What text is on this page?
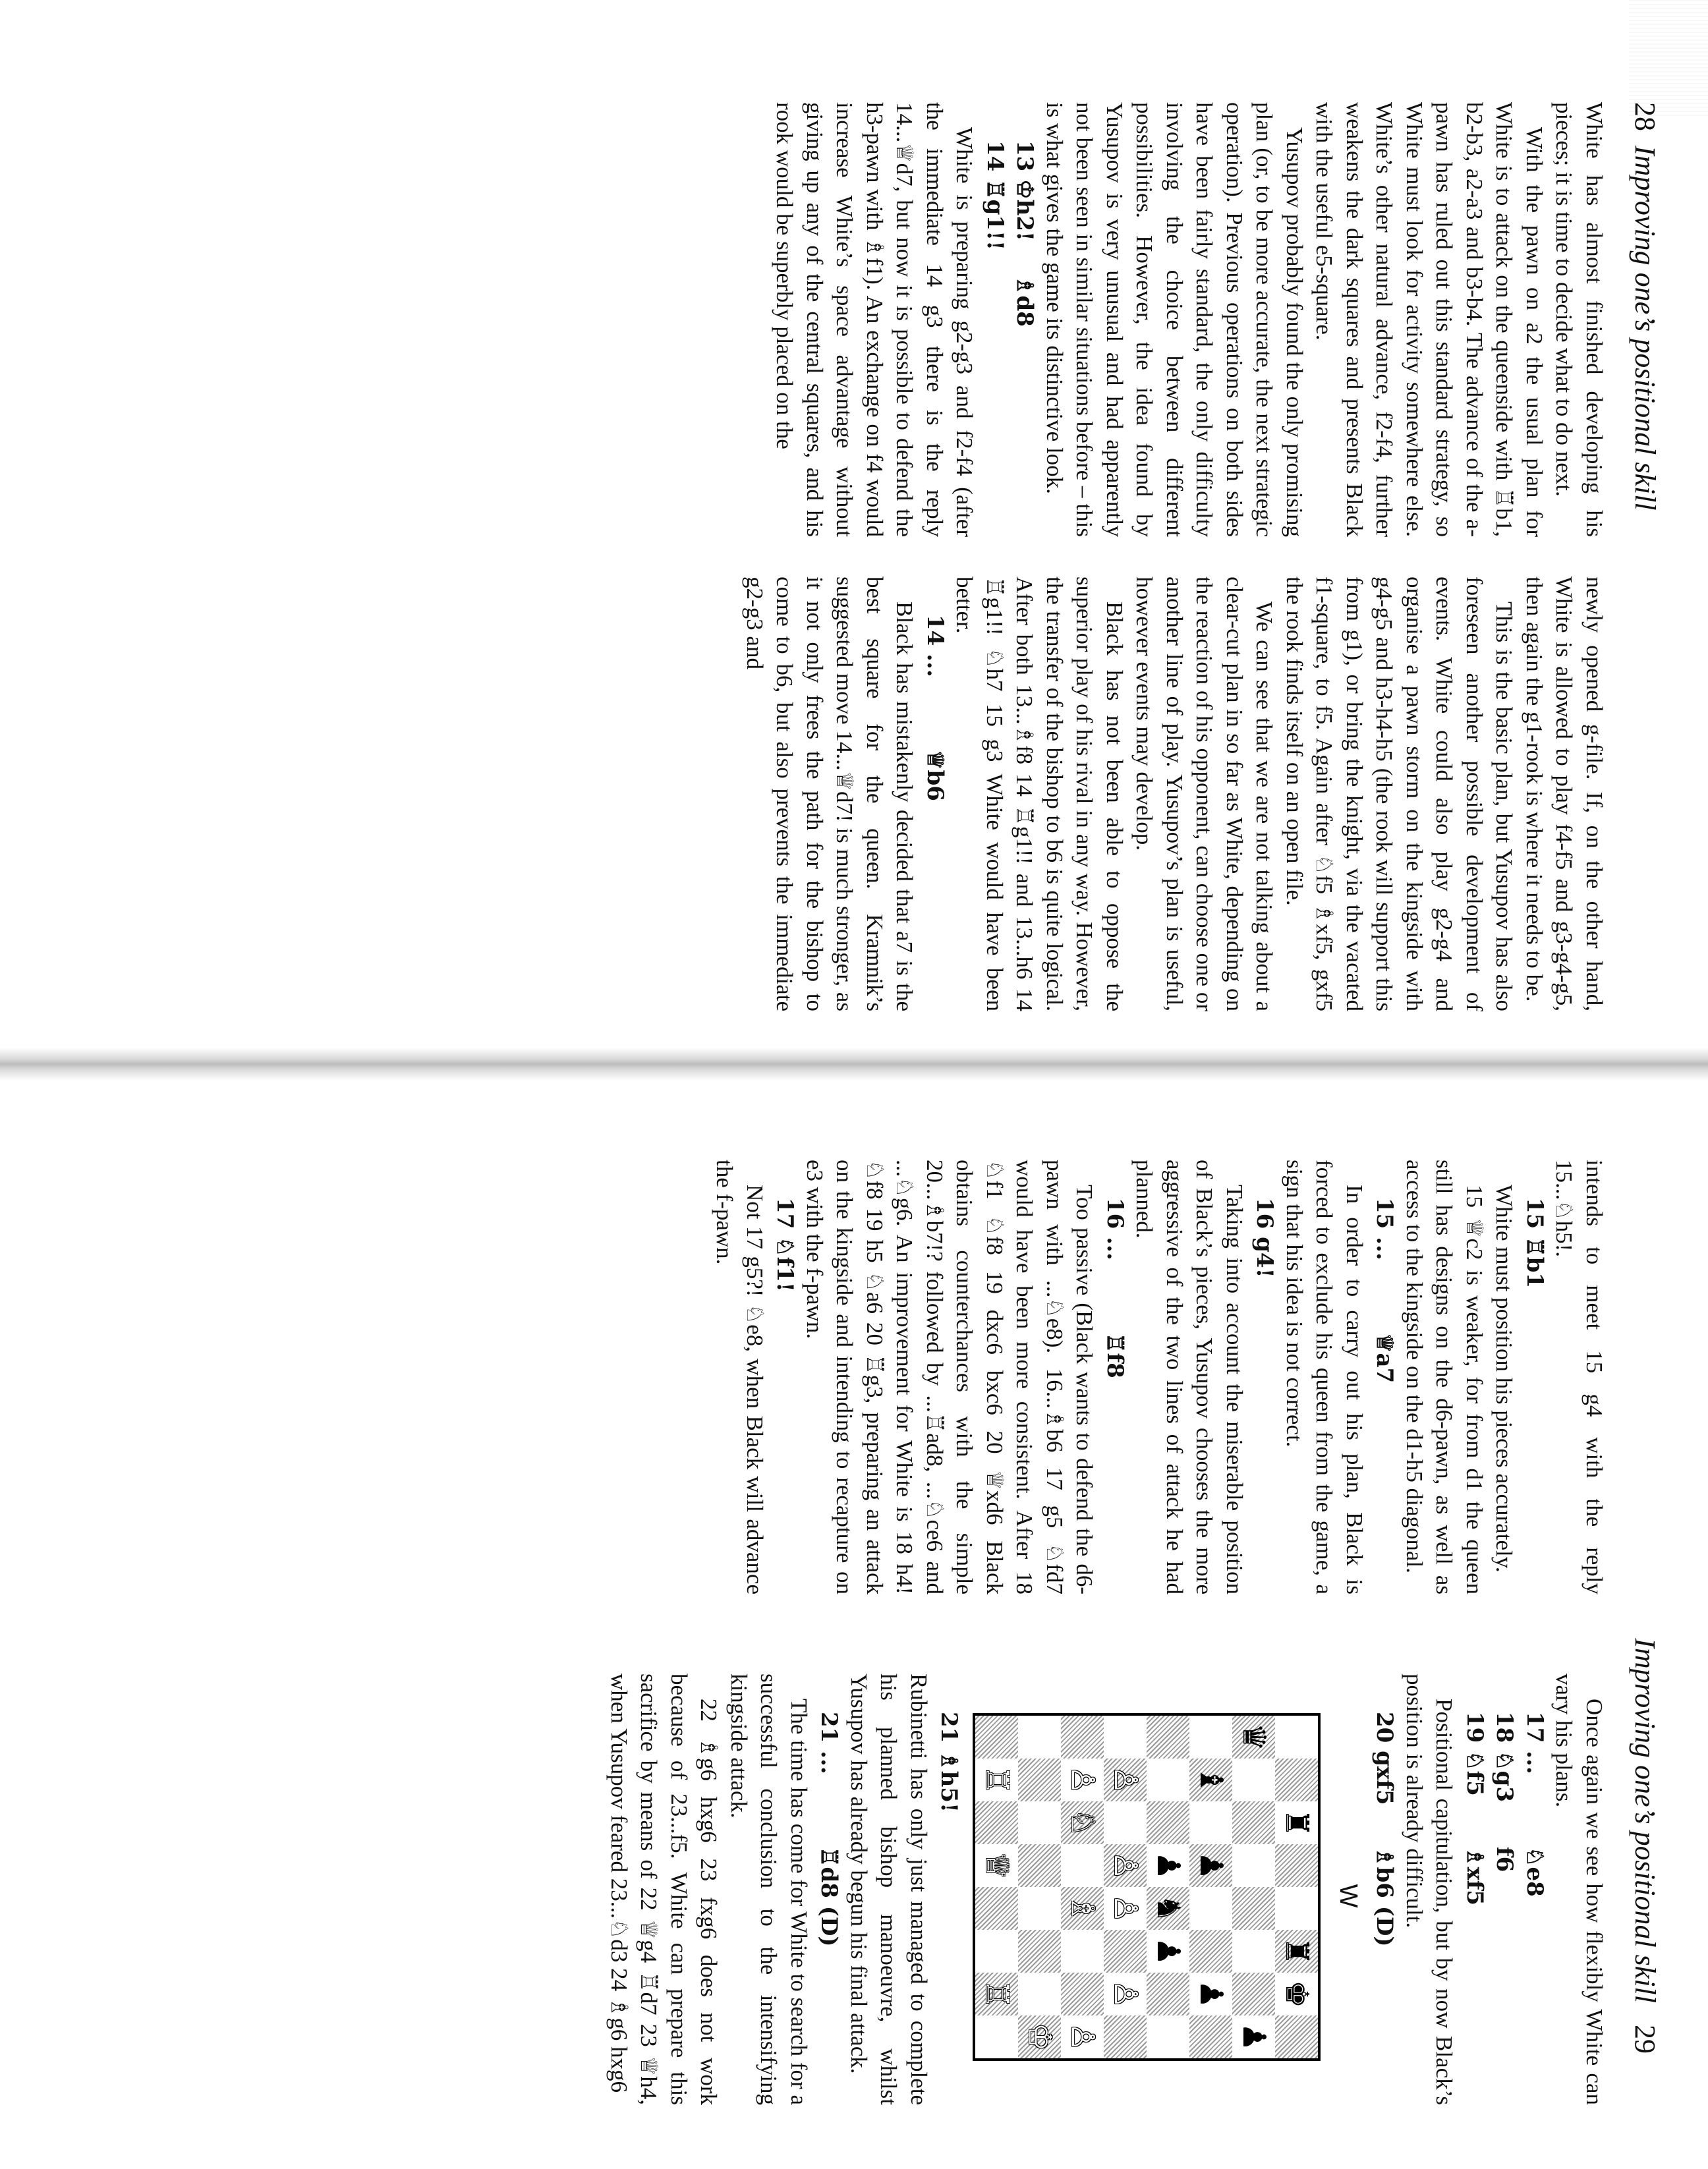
28  Improving one’s positional skill

White has almost finished developing his pieces; it is time to decide what to do next.

With the pawn on a2 the usual plan for White is to attack on the queenside with ♖b1, b2-b3, a2-a3 and b3-b4. The advance of the a-pawn has ruled out this standard strategy, so White must look for activity somewhere else. White’s other natural advance, f2-f4, further weakens the dark squares and presents Black with the useful e5-square.

Yusupov probably found the only promising plan (or, to be more accurate, the next strategic operation). Previous operations on both sides have been fairly standard, the only difficulty involving the choice between different possibilities. However, the idea found by Yusupov is very unusual and had apparently not been seen in similar situations before – this is what gives the game its distinctive look.

13 ♔h2!♗d8
14 ♖g1!!

White is preparing g2-g3 and f2-f4 (after the immediate 14 g3 there is the reply 14...♕d7, but now it is possible to defend the h3-pawn with ♗f1). An exchange on f4 would increase White’s space advantage without giving up any of the central squares, and his rook would be superbly placed on the

newly opened g-file. If, on the other hand, White is allowed to play f4-f5 and g3-g4-g5, then again the g1-rook is where it needs to be.

This is the basic plan, but Yusupov has also foreseen another possible development of events. White could also play g2-g4 and organise a pawn storm on the kingside with g4-g5 and h3-h4-h5 (the rook will support this from g1), or bring the knight, via the vacated f1-square, to f5. Again after ♘f5 ♗xf5, gxf5 the rook finds itself on an open file.

We can see that we are not talking about a clear-cut plan in so far as White, depending on the reaction of his opponent, can choose one or another line of play. Yusupov’s plan is useful, however events may develop.

Black has not been able to oppose the superior play of his rival in any way. However, the transfer of the bishop to b6 is quite logical. After both 13...♗f8 14 ♖g1!! and 13...h6 14 ♖g1!! ♘h7 15 g3 White would have been better.

14 ...♕b6

Black has mistakenly decided that a7 is the best square for the queen. Kramnik’s suggested move 14...♕d7! is much stronger, as it not only frees the path for the bishop to come to b6, but also prevents the immediate g2-g3 and

Improving one’s positional skill   29

intends to meet 15 g4 with the reply 15...♘h5!.

15 ♖b1

White must position his pieces accurately.

15 ♕c2 is weaker, for from d1 the queen still has designs on the d6-pawn, as well as access to the kingside on the d1-h5 diagonal.

15 ...♕a7

In order to carry out his plan, Black is forced to exclude his queen from the game, a sign that his idea is not correct.

16 g4!

Taking into account the miserable position of Black’s pieces, Yusupov chooses the more aggressive of the two lines of attack he had planned.

16 ...♖f8

Too passive (Black wants to defend the d6-pawn with ...♘e8). 16...♗b6 17 g5 ♘fd7 would have been more consistent. After 18 ♘f1 ♘f8 19 dxc6 bxc6 20 ♕xd6 Black obtains counterchances with the simple 20...♗b7!? followed by ...♖ad8, ...♘ce6 and ...♘g6. An improvement for White is 18 h4! ♘f8 19 h5 ♘a6 20 ♖g3, preparing an attack on the kingside and intending to recapture on e3 with the f-pawn.

17 ♘f1!

Not 17 g5?! ♘e8, when Black will advance the f-pawn.

Once again we see how flexibly White can vary his plans.

17 ...♘e8
18 ♘g3f6
19 ♘f5♗xf5

Positional capitulation, but by now Black’s position is already difficult.

20 gxf5♗b6 (D)
W
♜
♜
♚
♛
♟
♝
♟
♟
♟
♞
♟
♙
♙
♙
♙
♙
♘
♗
♙
♔
♖
♕
♖
21 ♗h5!

Rubinetti has only just managed to complete his planned bishop manoeuvre, whilst Yusupov has already begun his final attack.

21 ...♖d8 (D)

The time has come for White to search for a successful conclusion to the intensifying kingside attack.

22 ♗g6 hxg6 23 fxg6 does not work because of 23...f5. White can prepare this sacrifice by means of 22 ♕g4 ♖d7 23 ♕h4, when Yusupov feared 23...♘d3 24 ♗g6 hxg6
